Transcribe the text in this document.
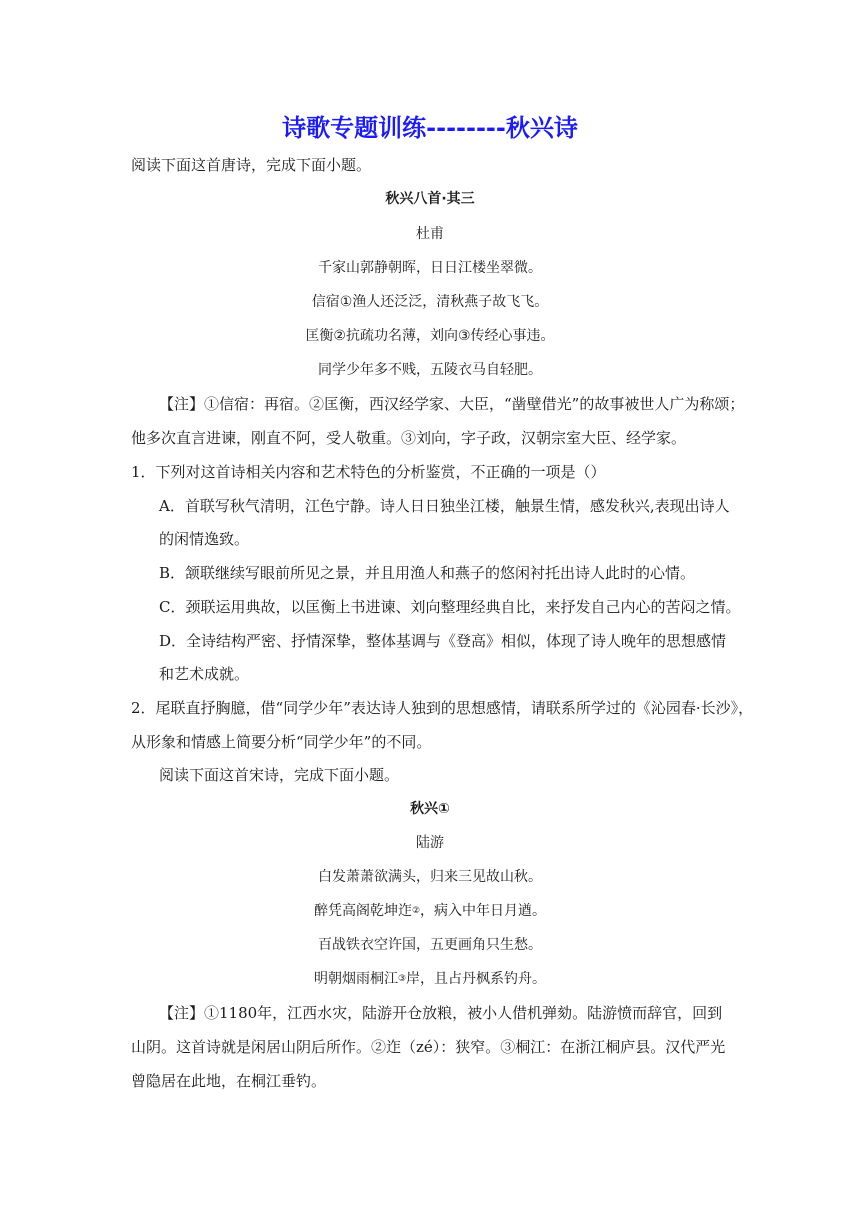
诗歌专题训练--------秋兴诗
阅读下面这首唐诗，完成下面小题。
秋兴八首·其三
杜甫
千家山郭静朝晖，日日江楼坐翠微。
信宿①渔人还泛泛，清秋燕子故飞飞。
匡衡②抗疏功名薄，刘向③传经心事违。
同学少年多不贱，五陵衣马自轻肥。
【注】①信宿：再宿。②匡衡，西汉经学家、大臣，“凿壁借光”的故事被世人广为称颂；
他多次直言进谏，刚直不阿，受人敬重。③刘向，字子政，汉朝宗室大臣、经学家。
1．下列对这首诗相关内容和艺术特色的分析鉴赏，不正确的一项是（）
A．首联写秋气清明，江色宁静。诗人日日独坐江楼，触景生情，感发秋兴,表现出诗人
的闲情逸致。
B．颔联继续写眼前所见之景，并且用渔人和燕子的悠闲衬托出诗人此时的心情。
C．颈联运用典故，以匡衡上书进谏、刘向整理经典自比，来抒发自己内心的苦闷之情。
D．全诗结构严密、抒情深挚，整体基调与《登高》相似，体现了诗人晚年的思想感情
和艺术成就。
2．尾联直抒胸臆，借“同学少年”表达诗人独到的思想感情，请联系所学过的《沁园春·长沙》，
从形象和情感上简要分析“同学少年”的不同。
阅读下面这首宋诗，完成下面小题。
秋兴①
陆游
白发萧萧欲满头，归来三见故山秋。
醉凭高阁乾坤迮②，病入中年日月遒。
百战铁衣空许国，五更画角只生愁。
明朝烟雨桐江③岸，且占丹枫系钓舟。
【注】①1180年，江西水灾，陆游开仓放粮，被小人借机弹劾。陆游愤而辞官，回到
山阴。这首诗就是闲居山阴后所作。②迮（zé）：狭窄。③桐江：在浙江桐庐县。汉代严光
曾隐居在此地，在桐江垂钓。
